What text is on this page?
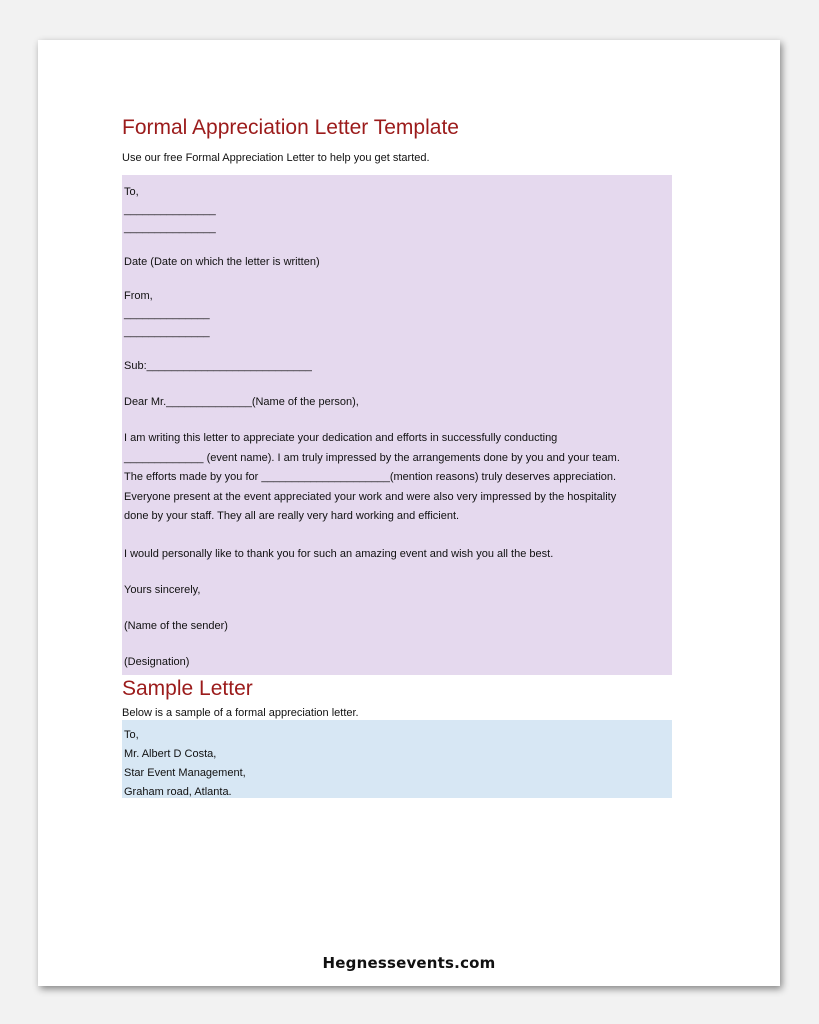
Formal Appreciation Letter Template

Use our free Formal Appreciation Letter to help you get started.

To,

_______________

_______________

Date (Date on which the letter is written)

From,

______________

______________

Sub:___________________________

Dear Mr.______________(Name of the person),

I am writing this letter to appreciate your dedication and efforts in successfully conducting

_____________ (event name). I am truly impressed by the arrangements done by you and your team.

The efforts made by you for _____________________(mention reasons) truly deserves appreciation.

Everyone present at the event appreciated your work and were also very impressed by the hospitality

done by your staff. They all are really very hard working and efficient.

I would personally like to thank you for such an amazing event and wish you all the best.

Yours sincerely,

(Name of the sender)

(Designation)

Sample Letter

Below is a sample of a formal appreciation letter.

To,

Mr. Albert D Costa,

Star Event Management,

Graham road, Atlanta.

Hegnessevents.com
